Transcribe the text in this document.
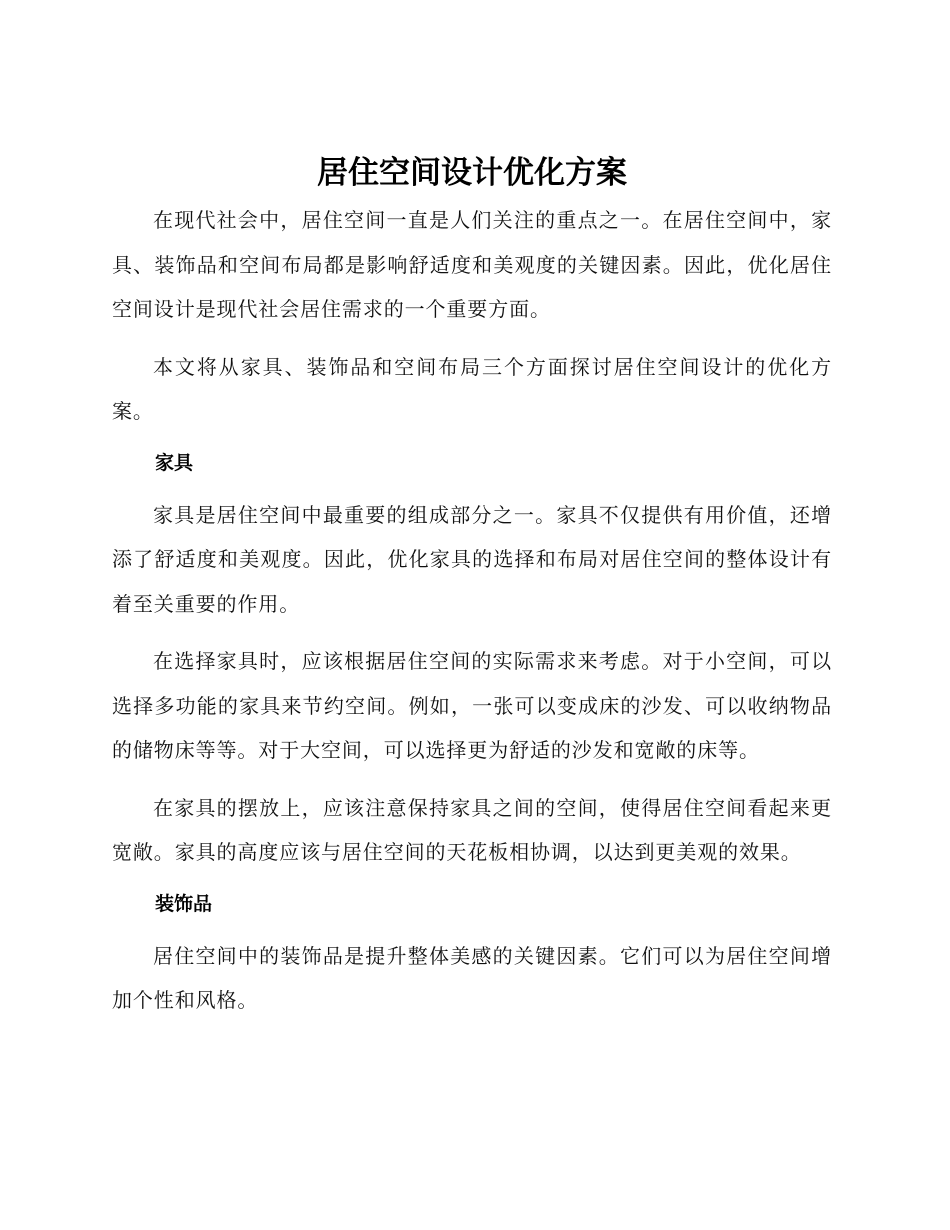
居住空间设计优化方案

在现代社会中，居住空间一直是人们关注的重点之一。在居住空间中，家具、装饰品和空间布局都是影响舒适度和美观度的关键因素。因此，优化居住空间设计是现代社会居住需求的一个重要方面。

本文将从家具、装饰品和空间布局三个方面探讨居住空间设计的优化方案。

家具

家具是居住空间中最重要的组成部分之一。家具不仅提供有用价值，还增添了舒适度和美观度。因此，优化家具的选择和布局对居住空间的整体设计有着至关重要的作用。

在选择家具时，应该根据居住空间的实际需求来考虑。对于小空间，可以选择多功能的家具来节约空间。例如，一张可以变成床的沙发、可以收纳物品的储物床等等。对于大空间，可以选择更为舒适的沙发和宽敞的床等。

在家具的摆放上，应该注意保持家具之间的空间，使得居住空间看起来更宽敞。家具的高度应该与居住空间的天花板相协调，以达到更美观的效果。

装饰品

居住空间中的装饰品是提升整体美感的关键因素。它们可以为居住空间增加个性和风格。
